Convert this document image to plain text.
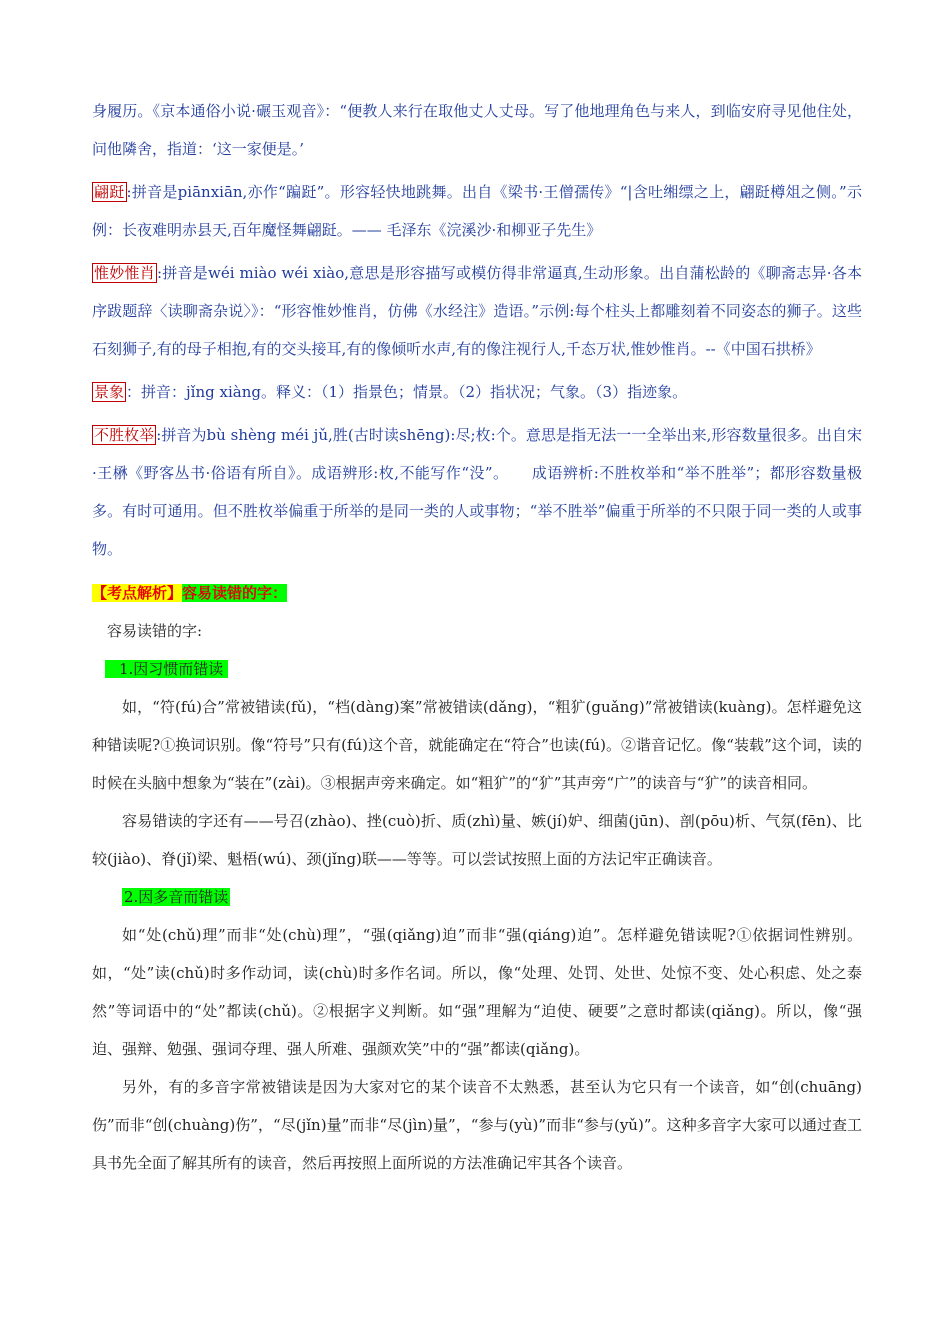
身履历。《京本通俗小说·碾玉观音》：“便教人来行在取他丈人丈母。写了他地理角色与来人，到临安府寻见他住处，问他隣舍，指道：‘这一家便是。’

翩跹 :拼音是piānxiān,亦作“蹁跹”。形容轻快地跳舞。出自《梁书·王僧孺传》“|含吐缃缥之上，翩跹樽俎之侧。”示例：长夜难明赤县天,百年魔怪舞翩跹。—— 毛泽东《浣溪沙·和柳亚子先生》

惟妙惟肖 :拼音是wéi miào wéi xiào,意思是形容描写或模仿得非常逼真,生动形象。出自蒲松龄的《聊斋志异·各本序跋题辞〈读聊斋杂说〉》：“形容惟妙惟肖，仿佛《水经注》造语。”示例:每个柱头上都雕刻着不同姿态的狮子。这些石刻狮子,有的母子相抱,有的交头接耳,有的像倾听水声,有的像注视行人,千态万状,惟妙惟肖。--《中国石拱桥》

景象 ：拼音：jǐng xiàng。释义：（1）指景色；情景。（2）指状况；气象。（3）指迹象。

不胜枚举 :拼音为bù shèng méi jǔ,胜(古时读shēng):尽;枚:个。意思是指无法一一全举出来,形容数量很多。出自宋·王楙《野客丛书·俗语有所自》。成语辨形:枚,不能写作“没”。　　成语辨析:不胜枚举和“举不胜举”；都形容数量极多。有时可通用。但不胜枚举偏重于所举的是同一类的人或事物；“举不胜举”偏重于所举的不只限于同一类的人或事物。

【考点解析】容易读错的字：

容易读错的字:

1.因习惯而错读

如，“符(fú)合”常被错读(fǔ)，“档(dàng)案”常被错读(dǎng)，“粗犷(guǎng)”常被错读(kuàng)。怎样避免这种错读呢?①换词识别。像“符号”只有(fú)这个音，就能确定在“符合”也读(fú)。②谐音记忆。像“装载”这个词，读的时候在头脑中想象为“装在”(zài)。③根据声旁来确定。如“粗犷”的“犷”其声旁“广”的读音与“犷”的读音相同。

容易错读的字还有——号召(zhào)、挫(cuò)折、质(zhì)量、嫉(jí)妒、细菌(jūn)、剖(pōu)析、气氛(fēn)、比较(jiào)、脊(jǐ)梁、魁梧(wú)、颈(jǐng)联——等等。可以尝试按照上面的方法记牢正确读音。

2.因多音而错读

如“处(chǔ)理”而非“处(chù)理”，“强(qiǎng)迫”而非“强(qiáng)迫”。怎样避免错读呢?①依据词性辨别。如，“处”读(chǔ)时多作动词，读(chù)时多作名词。所以，像“处理、处罚、处世、处惊不变、处心积虑、处之泰然”等词语中的“处”都读(chǔ)。②根据字义判断。如“强”理解为“迫使、硬要”之意时都读(qiǎng)。所以，像“强迫、强辩、勉强、强词夺理、强人所难、强颜欢笑”中的“强”都读(qiǎng)。

另外，有的多音字常被错读是因为大家对它的某个读音不太熟悉，甚至认为它只有一个读音，如“创(chuāng)伤”而非“创(chuàng)伤”，“尽(jǐn)量”而非“尽(jìn)量”，“参与(yù)”而非“参与(yǔ)”。这种多音字大家可以通过查工具书先全面了解其所有的读音，然后再按照上面所说的方法准确记牢其各个读音。
